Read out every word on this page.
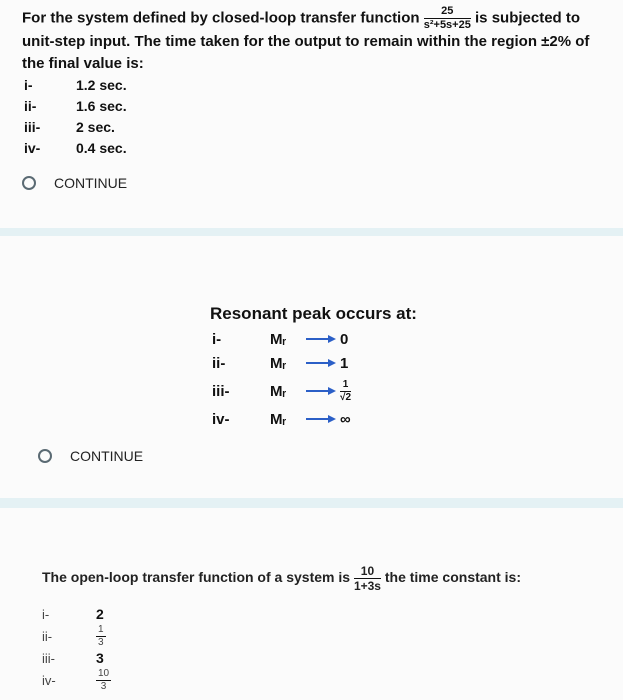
For the system defined by closed-loop transfer function $\frac{25}{\text{s²+5s+25}}$ is subjected to unit-step input. The time taken for the output to remain within the region ±2% of the final value is:
i-	1.2 sec.
ii-	1.6 sec.
iii-	2 sec.
iv-	0.4 sec.
CONTINUE
Resonant peak occurs at:
i-	Mᵣ	0
ii-	Mᵣ	1
iii-	Mᵣ	$\frac{1}{√2}$
iv-	Mᵣ	∞
CONTINUE
The open-loop transfer function of a system is $\frac{10}{1+3s}$ the time constant is:
i-	2
ii-	$\frac{1}{3}$
iii-	3
iv-	$\frac{10}{3}$
